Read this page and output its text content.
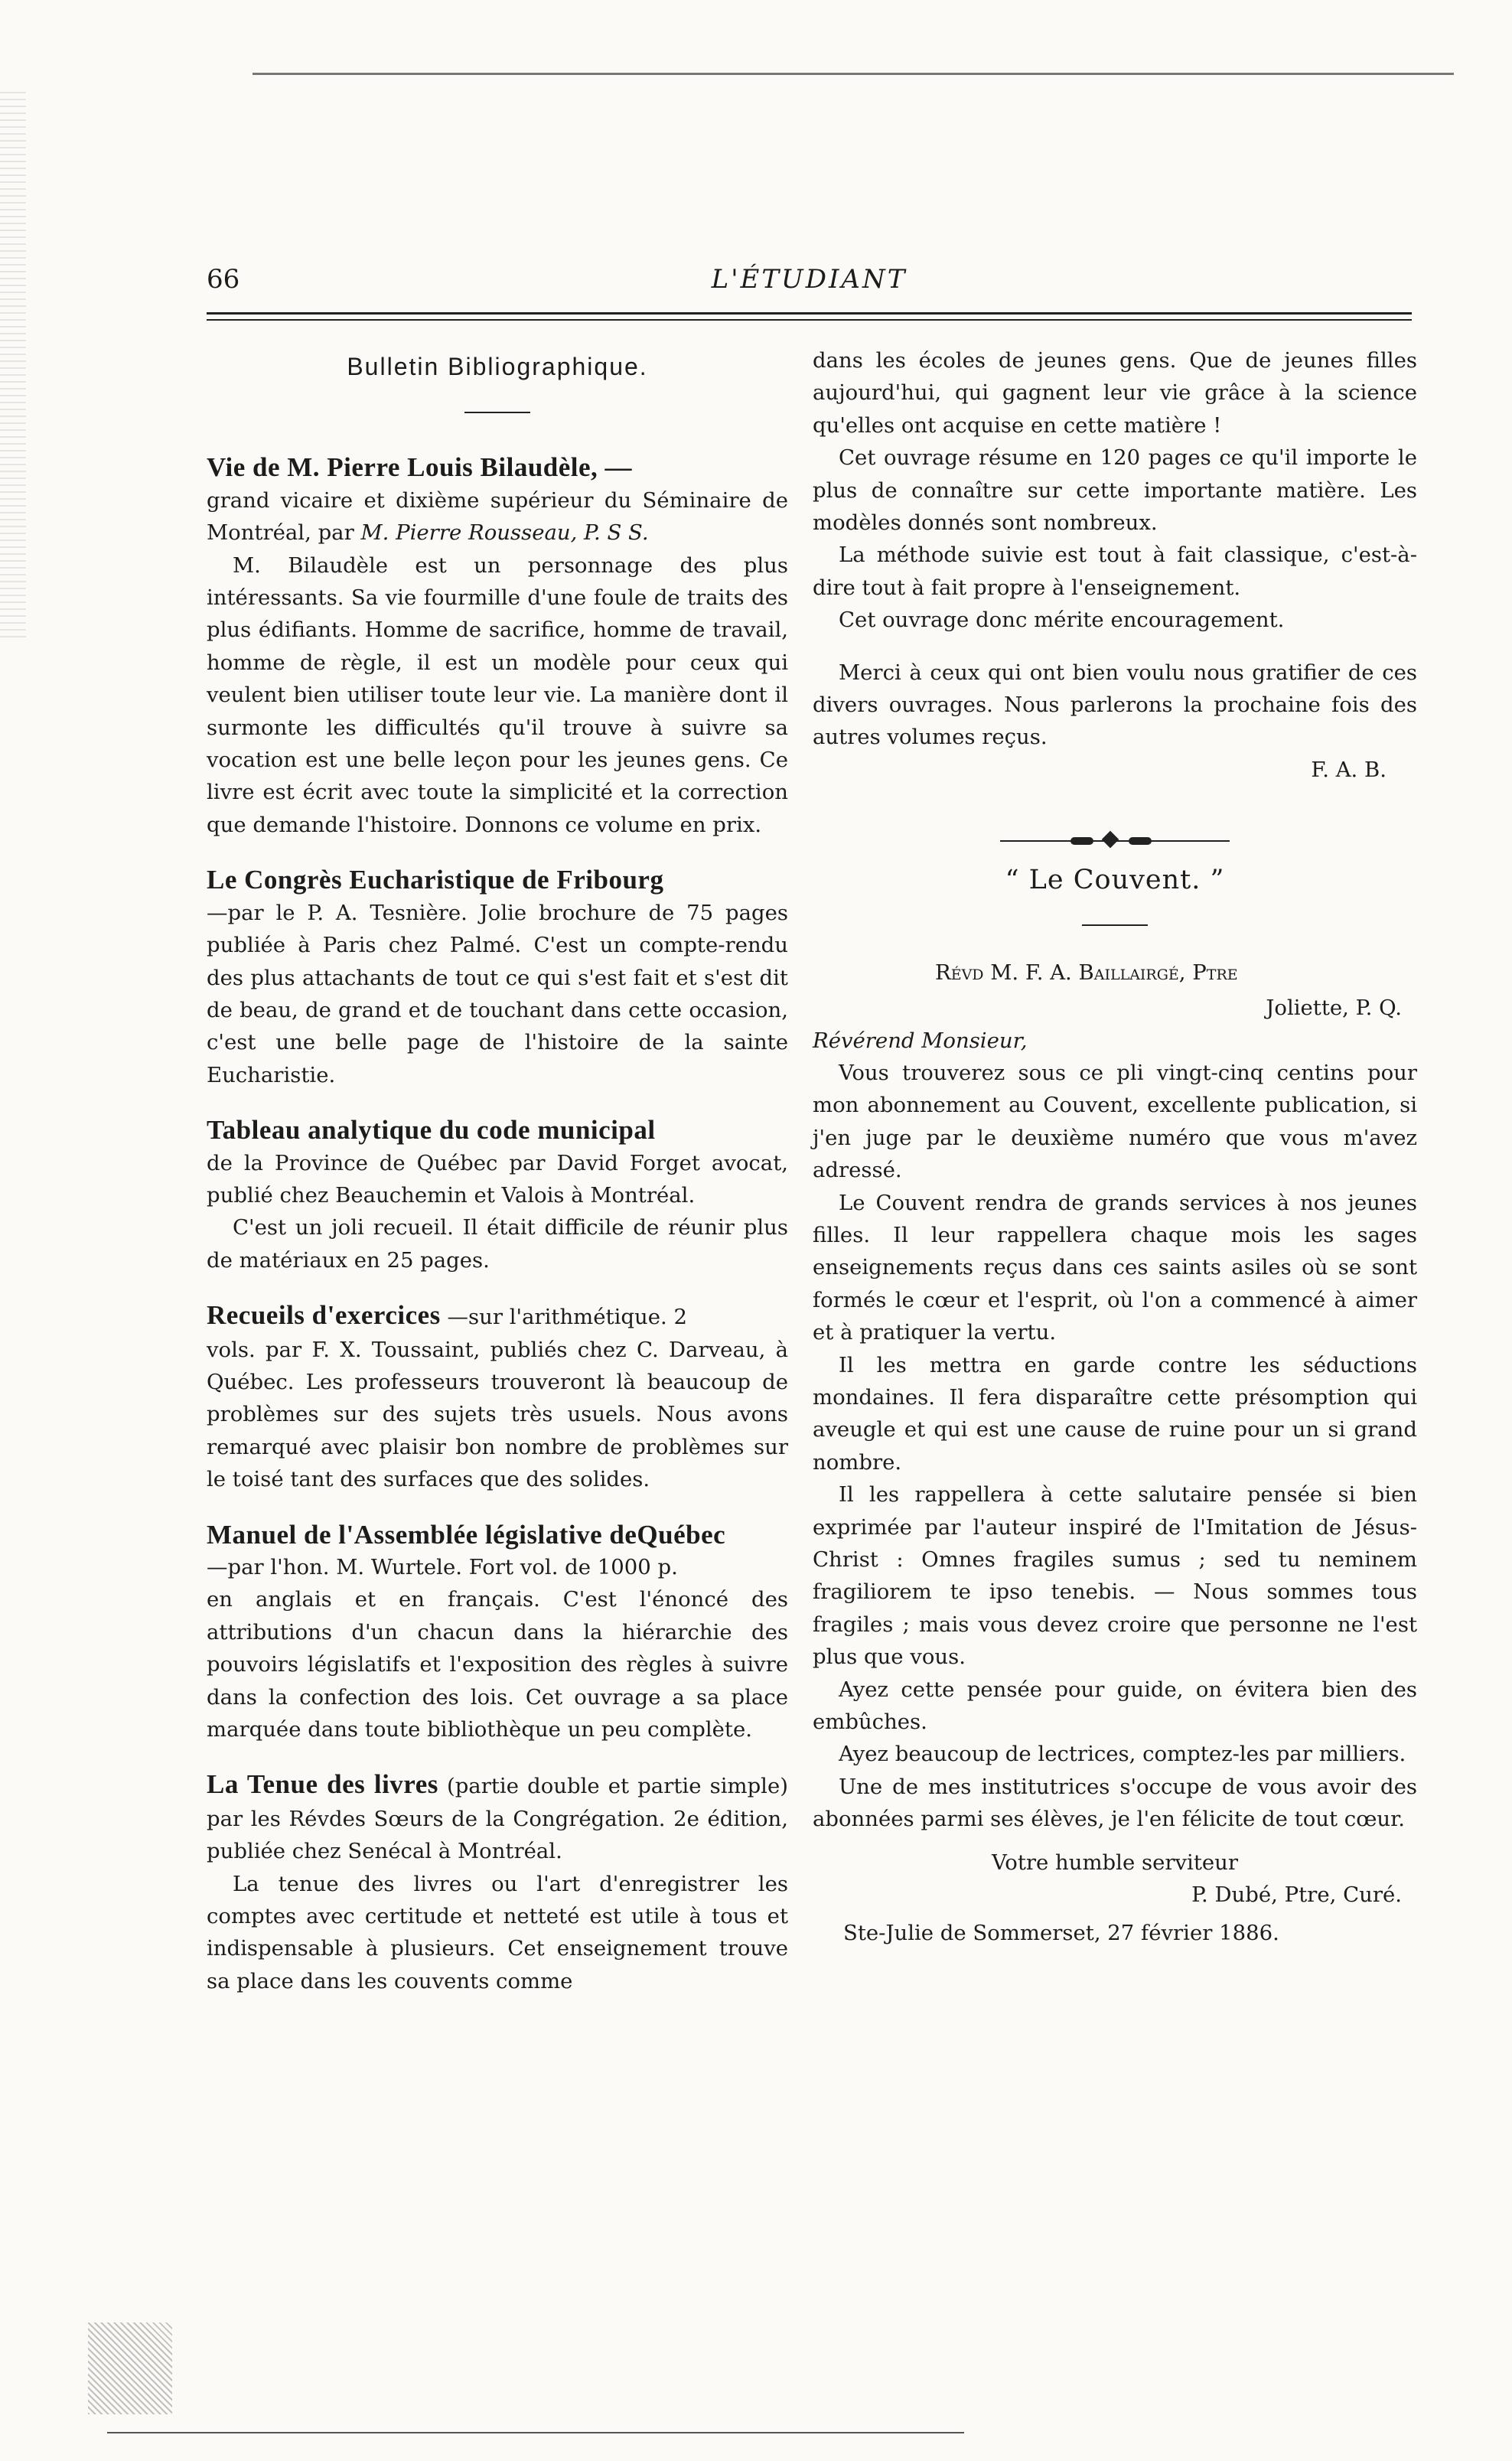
66	L'ÉTUDIANT
Bulletin Bibliographique.
Vie de M. Pierre Louis Bilaudèle, —

grand vicaire et dixième supérieur du Séminaire de Montréal, par M. Pierre Rousseau, P. S S.

M. Bilaudèle est un personnage des plus intéressants. Sa vie fourmille d'une foule de traits des plus édifiants. Homme de sacrifice, homme de travail, homme de règle, il est un modèle pour ceux qui veulent bien utiliser toute leur vie. La manière dont il surmonte les difficultés qu'il trouve à suivre sa vocation est une belle leçon pour les jeunes gens. Ce livre est écrit avec toute la simplicité et la correction que demande l'histoire. Donnons ce volume en prix.

Le Congrès Eucharistique de Fribourg

—par le P. A. Tesnière. Jolie brochure de 75 pages publiée à Paris chez Palmé. C'est un compte-rendu des plus attachants de tout ce qui s'est fait et s'est dit de beau, de grand et de touchant dans cette occasion, c'est une belle page de l'histoire de la sainte Eucharistie.

Tableau analytique du code municipal

de la Province de Québec par David Forget avocat, publié chez Beauchemin et Valois à Montréal.

C'est un joli recueil. Il était difficile de réunir plus de matériaux en 25 pages.

Recueils d'exercices —sur l'arithmétique. 2

vols. par F. X. Toussaint, publiés chez C. Darveau, à Québec. Les professeurs trouveront là beaucoup de problèmes sur des sujets très usuels. Nous avons remarqué avec plaisir bon nombre de problèmes sur le toisé tant des surfaces que des solides.

Manuel de l'Assemblée législative deQuébec

—par l'hon. M. Wurtele. Fort vol. de 1000 p.

en anglais et en français. C'est l'énoncé des attributions d'un chacun dans la hiérarchie des pouvoirs législatifs et l'exposition des règles à suivre dans la confection des lois. Cet ouvrage a sa place marquée dans toute bibliothèque un peu complète.

La Tenue des livres (partie double et partie simple) par les Révdes Sœurs de la Congrégation. 2e édition, publiée chez Senécal à Montréal.

La tenue des livres ou l'art d'enregistrer les comptes avec certitude et netteté est utile à tous et indispensable à plusieurs. Cet enseignement trouve sa place dans les couvents comme

dans les écoles de jeunes gens. Que de jeunes filles aujourd'hui, qui gagnent leur vie grâce à la science qu'elles ont acquise en cette matière !

Cet ouvrage résume en 120 pages ce qu'il importe le plus de connaître sur cette importante matière. Les modèles donnés sont nombreux.

La méthode suivie est tout à fait classique, c'est-à-dire tout à fait propre à l'enseignement.

Cet ouvrage donc mérite encouragement.

Merci à ceux qui ont bien voulu nous gratifier de ces divers ouvrages. Nous parlerons la prochaine fois des autres volumes reçus.

F. A. B.

“ Le Couvent. ”

Révd M. F. A. Baillairgé, Ptre

Joliette, P. Q.

Révérend Monsieur,

Vous trouverez sous ce pli vingt-cinq centins pour mon abonnement au Couvent, excellente publication, si j'en juge par le deuxième numéro que vous m'avez adressé.

Le Couvent rendra de grands services à nos jeunes filles. Il leur rappellera chaque mois les sages enseignements reçus dans ces saints asiles où se sont formés le cœur et l'esprit, où l'on a commencé à aimer et à pratiquer la vertu.

Il les mettra en garde contre les séductions mondaines. Il fera disparaître cette présomption qui aveugle et qui est une cause de ruine pour un si grand nombre.

Il les rappellera à cette salutaire pensée si bien exprimée par l'auteur inspiré de l'Imitation de Jésus-Christ : Omnes fragiles sumus ; sed tu neminem fragiliorem te ipso tenebis. — Nous sommes tous fragiles ; mais vous devez croire que personne ne l'est plus que vous.

Ayez cette pensée pour guide, on évitera bien des embûches.

Ayez beaucoup de lectrices, comptez-les par milliers.

Une de mes institutrices s'occupe de vous avoir des abonnées parmi ses élèves, je l'en félicite de tout cœur.

Votre humble serviteur

P. Dubé, Ptre, Curé.

Ste-Julie de Sommerset, 27 février 1886.
